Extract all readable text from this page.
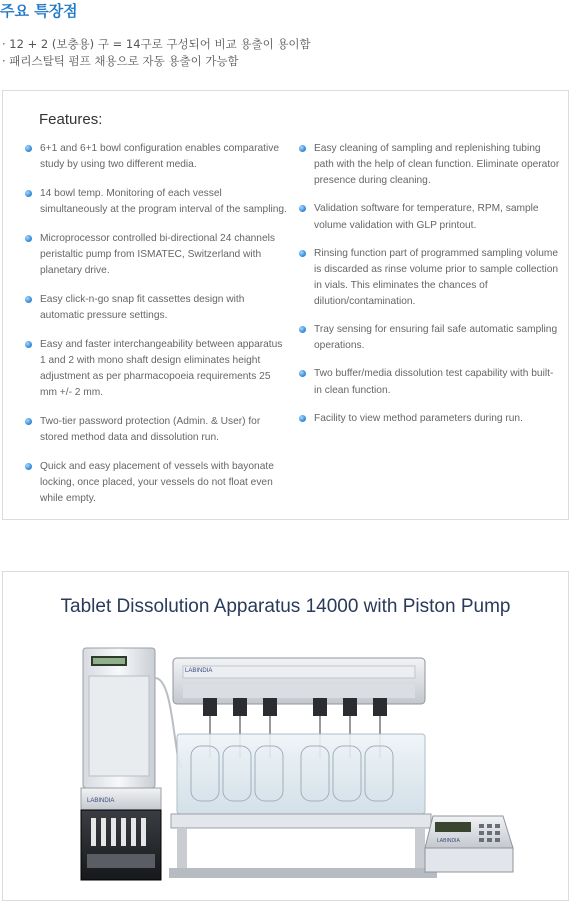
주요 특장점
· 12 + 2 (보충용) 구 = 14구로 구성되어 비교 용출이 용이함
· 패리스탈틱 펌프 채용으로 자동 용출이 가능함
Features:
6+1 and 6+1 bowl configuration enables comparative
study by using two different media.
14 bowl temp. Monitoring of each vessel
simultaneously at the program interval of the sampling.
Microprocessor controlled bi-directional 24 channels
peristaltic pump from ISMATEC, Switzerland with
planetary drive.
Easy click-n-go snap fit cassettes design with
automatic pressure settings.
Easy and faster interchangeability between apparatus
1 and 2 with mono shaft design eliminates height
adjustment as per pharmacopoeia requirements 25
mm +/- 2 mm.
Two-tier password protection (Admin. & User) for
stored method data and dissolution run.
Quick and easy placement of vessels with bayonate
locking, once placed, your vessels do not float even
while empty.
Easy cleaning of sampling and replenishing tubing
path with the help of clean function. Eliminate operator
presence during cleaning.
Validation software for temperature, RPM, sample
volume validation with GLP printout.
Rinsing function part of programmed sampling volume
is discarded as rinse volume prior to sample collection
in vials. This eliminates the chances of
dilution/contamination.
Tray sensing for ensuring fail safe automatic sampling
operations.
Two buffer/media dissolution test capability with built-
in clean function.
Facility to view method parameters during run.
Tablet Dissolution Apparatus 14000 with Piston Pump
LABINDIA
LABINDIA
LABINDIA
